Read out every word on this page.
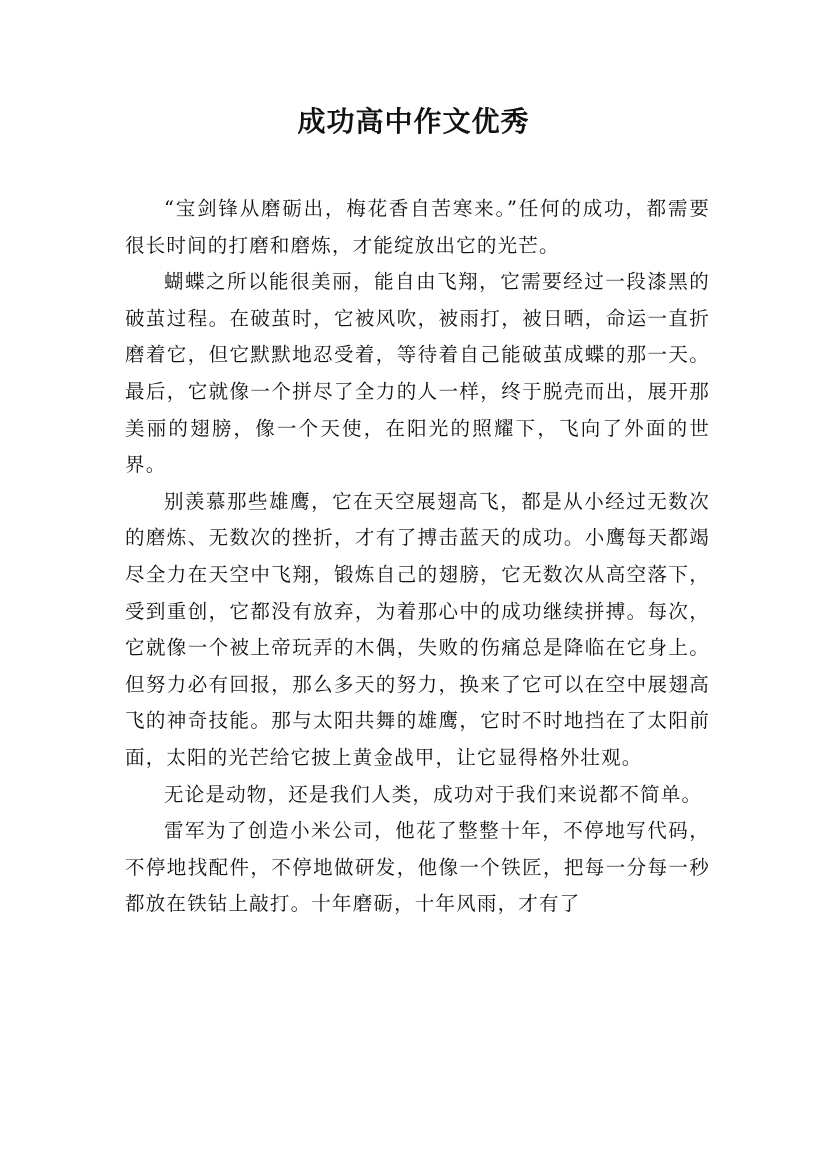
成功高中作文优秀

“宝剑锋从磨砺出，梅花香自苦寒来。”任何的成功，都需要很长时间的打磨和磨炼，才能绽放出它的光芒。

蝴蝶之所以能很美丽，能自由飞翔，它需要经过一段漆黑的破茧过程。在破茧时，它被风吹，被雨打，被日晒，命运一直折磨着它，但它默默地忍受着，等待着自己能破茧成蝶的那一天。最后，它就像一个拼尽了全力的人一样，终于脱壳而出，展开那美丽的翅膀，像一个天使，在阳光的照耀下，飞向了外面的世界。

别羡慕那些雄鹰，它在天空展翅高飞，都是从小经过无数次的磨炼、无数次的挫折，才有了搏击蓝天的成功。小鹰每天都竭尽全力在天空中飞翔，锻炼自己的翅膀，它无数次从高空落下，受到重创，它都没有放弃，为着那心中的成功继续拼搏。每次，它就像一个被上帝玩弄的木偶，失败的伤痛总是降临在它身上。但努力必有回报，那么多天的努力，换来了它可以在空中展翅高飞的神奇技能。那与太阳共舞的雄鹰，它时不时地挡在了太阳前面，太阳的光芒给它披上黄金战甲，让它显得格外壮观。

无论是动物，还是我们人类，成功对于我们来说都不简单。

雷军为了创造小米公司，他花了整整十年，不停地写代码，不停地找配件，不停地做研发，他像一个铁匠，把每一分每一秒都放在铁钻上敲打。十年磨砺，十年风雨，才有了
